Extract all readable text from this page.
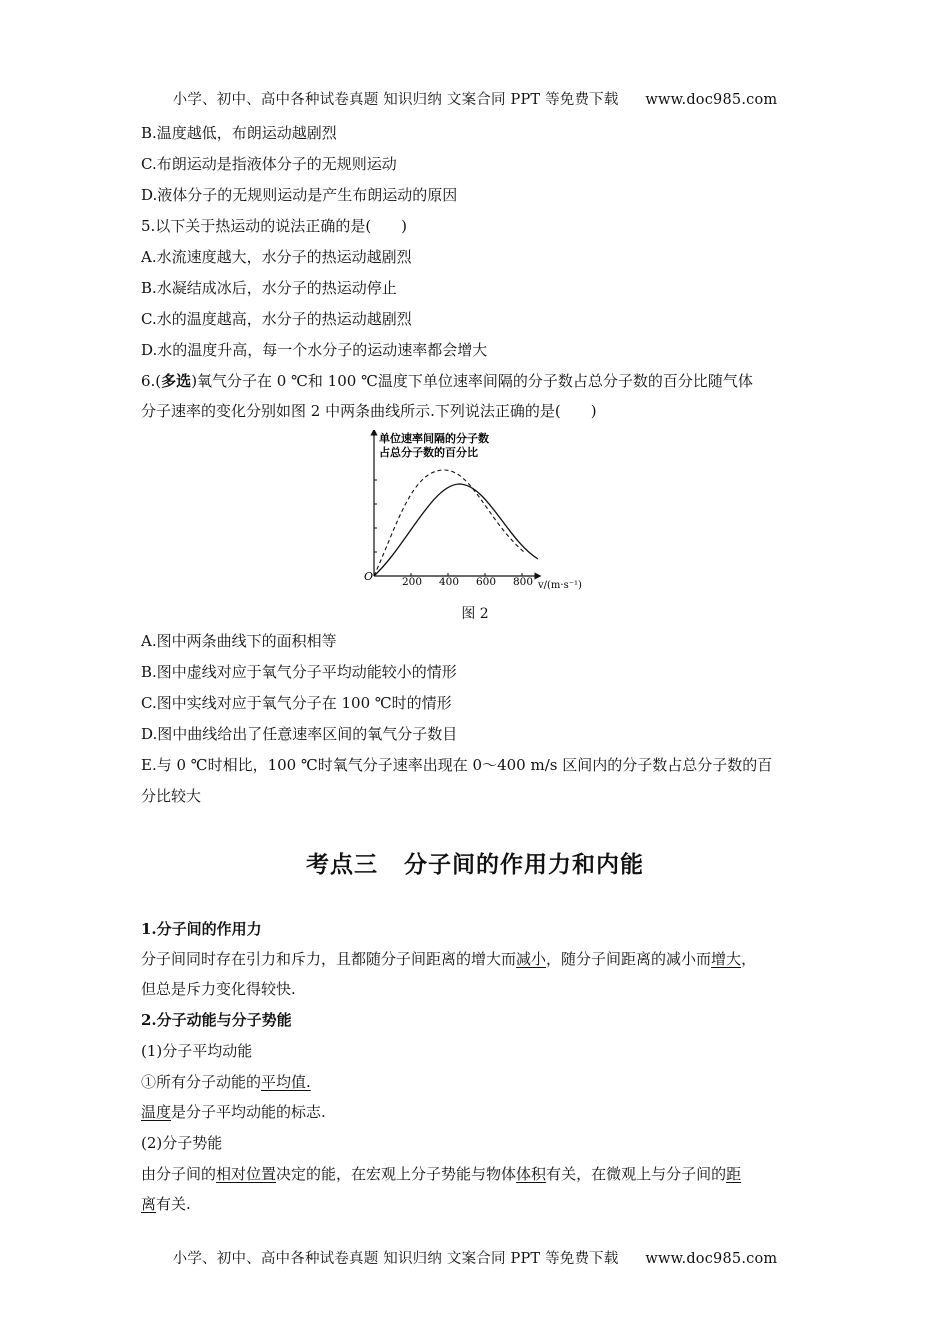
小学、初中、高中各种试卷真题 知识归纳 文案合同 PPT 等免费下载 www.doc985.com
B.温度越低，布朗运动越剧烈
C.布朗运动是指液体分子的无规则运动
D.液体分子的无规则运动是产生布朗运动的原因
5.以下关于热运动的说法正确的是(　　)
A.水流速度越大，水分子的热运动越剧烈
B.水凝结成冰后，水分子的热运动停止
C.水的温度越高，水分子的热运动越剧烈
D.水的温度升高，每一个水分子的运动速率都会增大
6.(多选)氧气分子在 0 ℃和 100 ℃温度下单位速率间隔的分子数占总分子数的百分比随气体
分子速率的变化分别如图 2 中两条曲线所示.下列说法正确的是(　　)
单位速率间隔的分子数
占总分子数的百分比
O	200 400 600 800 v/(m·s⁻¹)
图 2
A.图中两条曲线下的面积相等
B.图中虚线对应于氧气分子平均动能较小的情形
C.图中实线对应于氧气分子在 100 ℃时的情形
D.图中曲线给出了任意速率区间的氧气分子数目
E.与 0 ℃时相比，100 ℃时氧气分子速率出现在 0～400 m/s 区间内的分子数占总分子数的百
分比较大
考点三 分子间的作用力和内能
1.分子间的作用力
分子间同时存在引力和斥力，且都随分子间距离的增大而减小，随分子间距离的减小而增大，
但总是斥力变化得较快.
2.分子动能与分子势能
(1)分子平均动能
①所有分子动能的平均值.
温度是分子平均动能的标志.
(2)分子势能
由分子间的相对位置决定的能，在宏观上分子势能与物体体积有关，在微观上与分子间的距
离有关.
小学、初中、高中各种试卷真题 知识归纳 文案合同 PPT 等免费下载 www.doc985.com
